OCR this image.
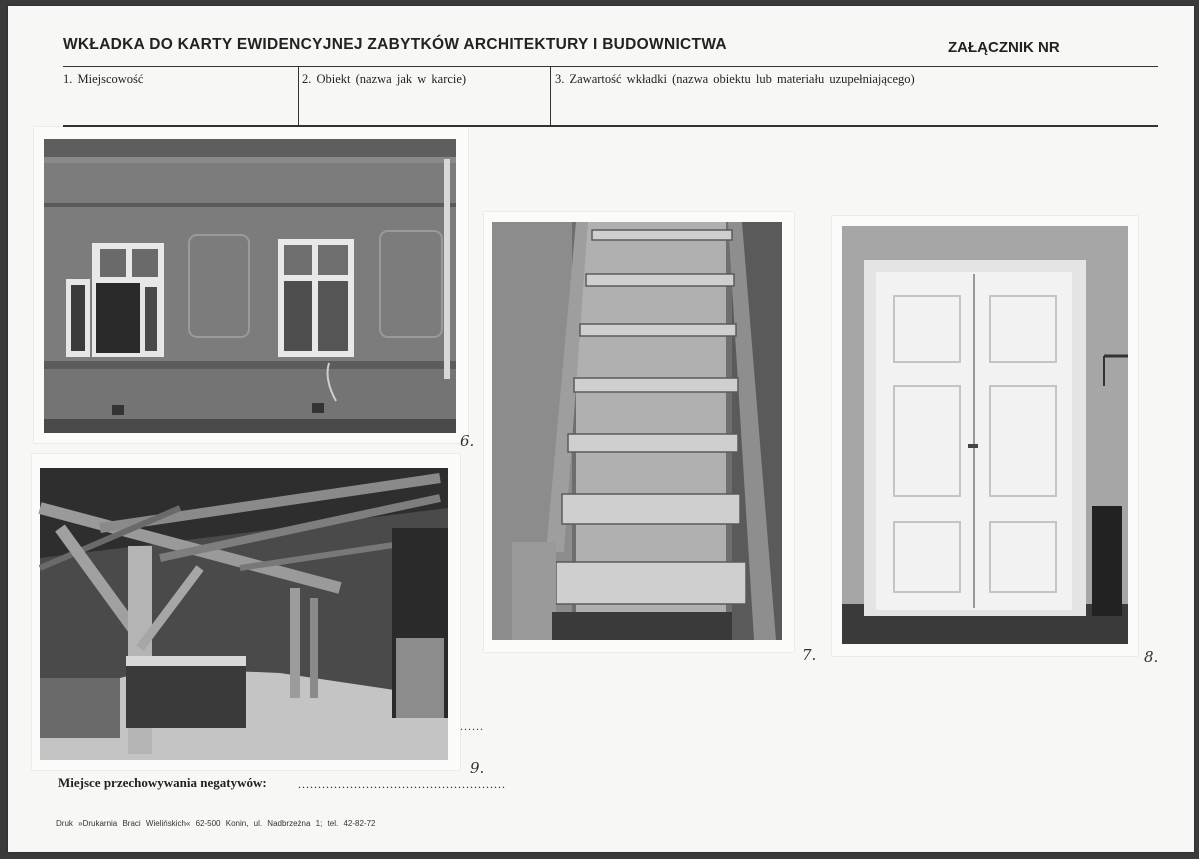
WKŁADKA DO KARTY EWIDENCYJNEJ ZABYTKÓW ARCHITEKTURY I BUDOWNICTWA	ZAŁĄCZNIK NR
1. Miejscowość	2. Obiekt (nazwa jak w karcie)	3. Zawartość wkładki (nazwa obiektu lub materiału uzupełniającego)
6.
9.
7.	8.
......
Miejsce przechowywania negatywów:	....................................................
Druk »Drukarnia Braci Wielińskich« 62-500 Konin, ul. Nadbrzeżna 1; tel. 42-82-72
